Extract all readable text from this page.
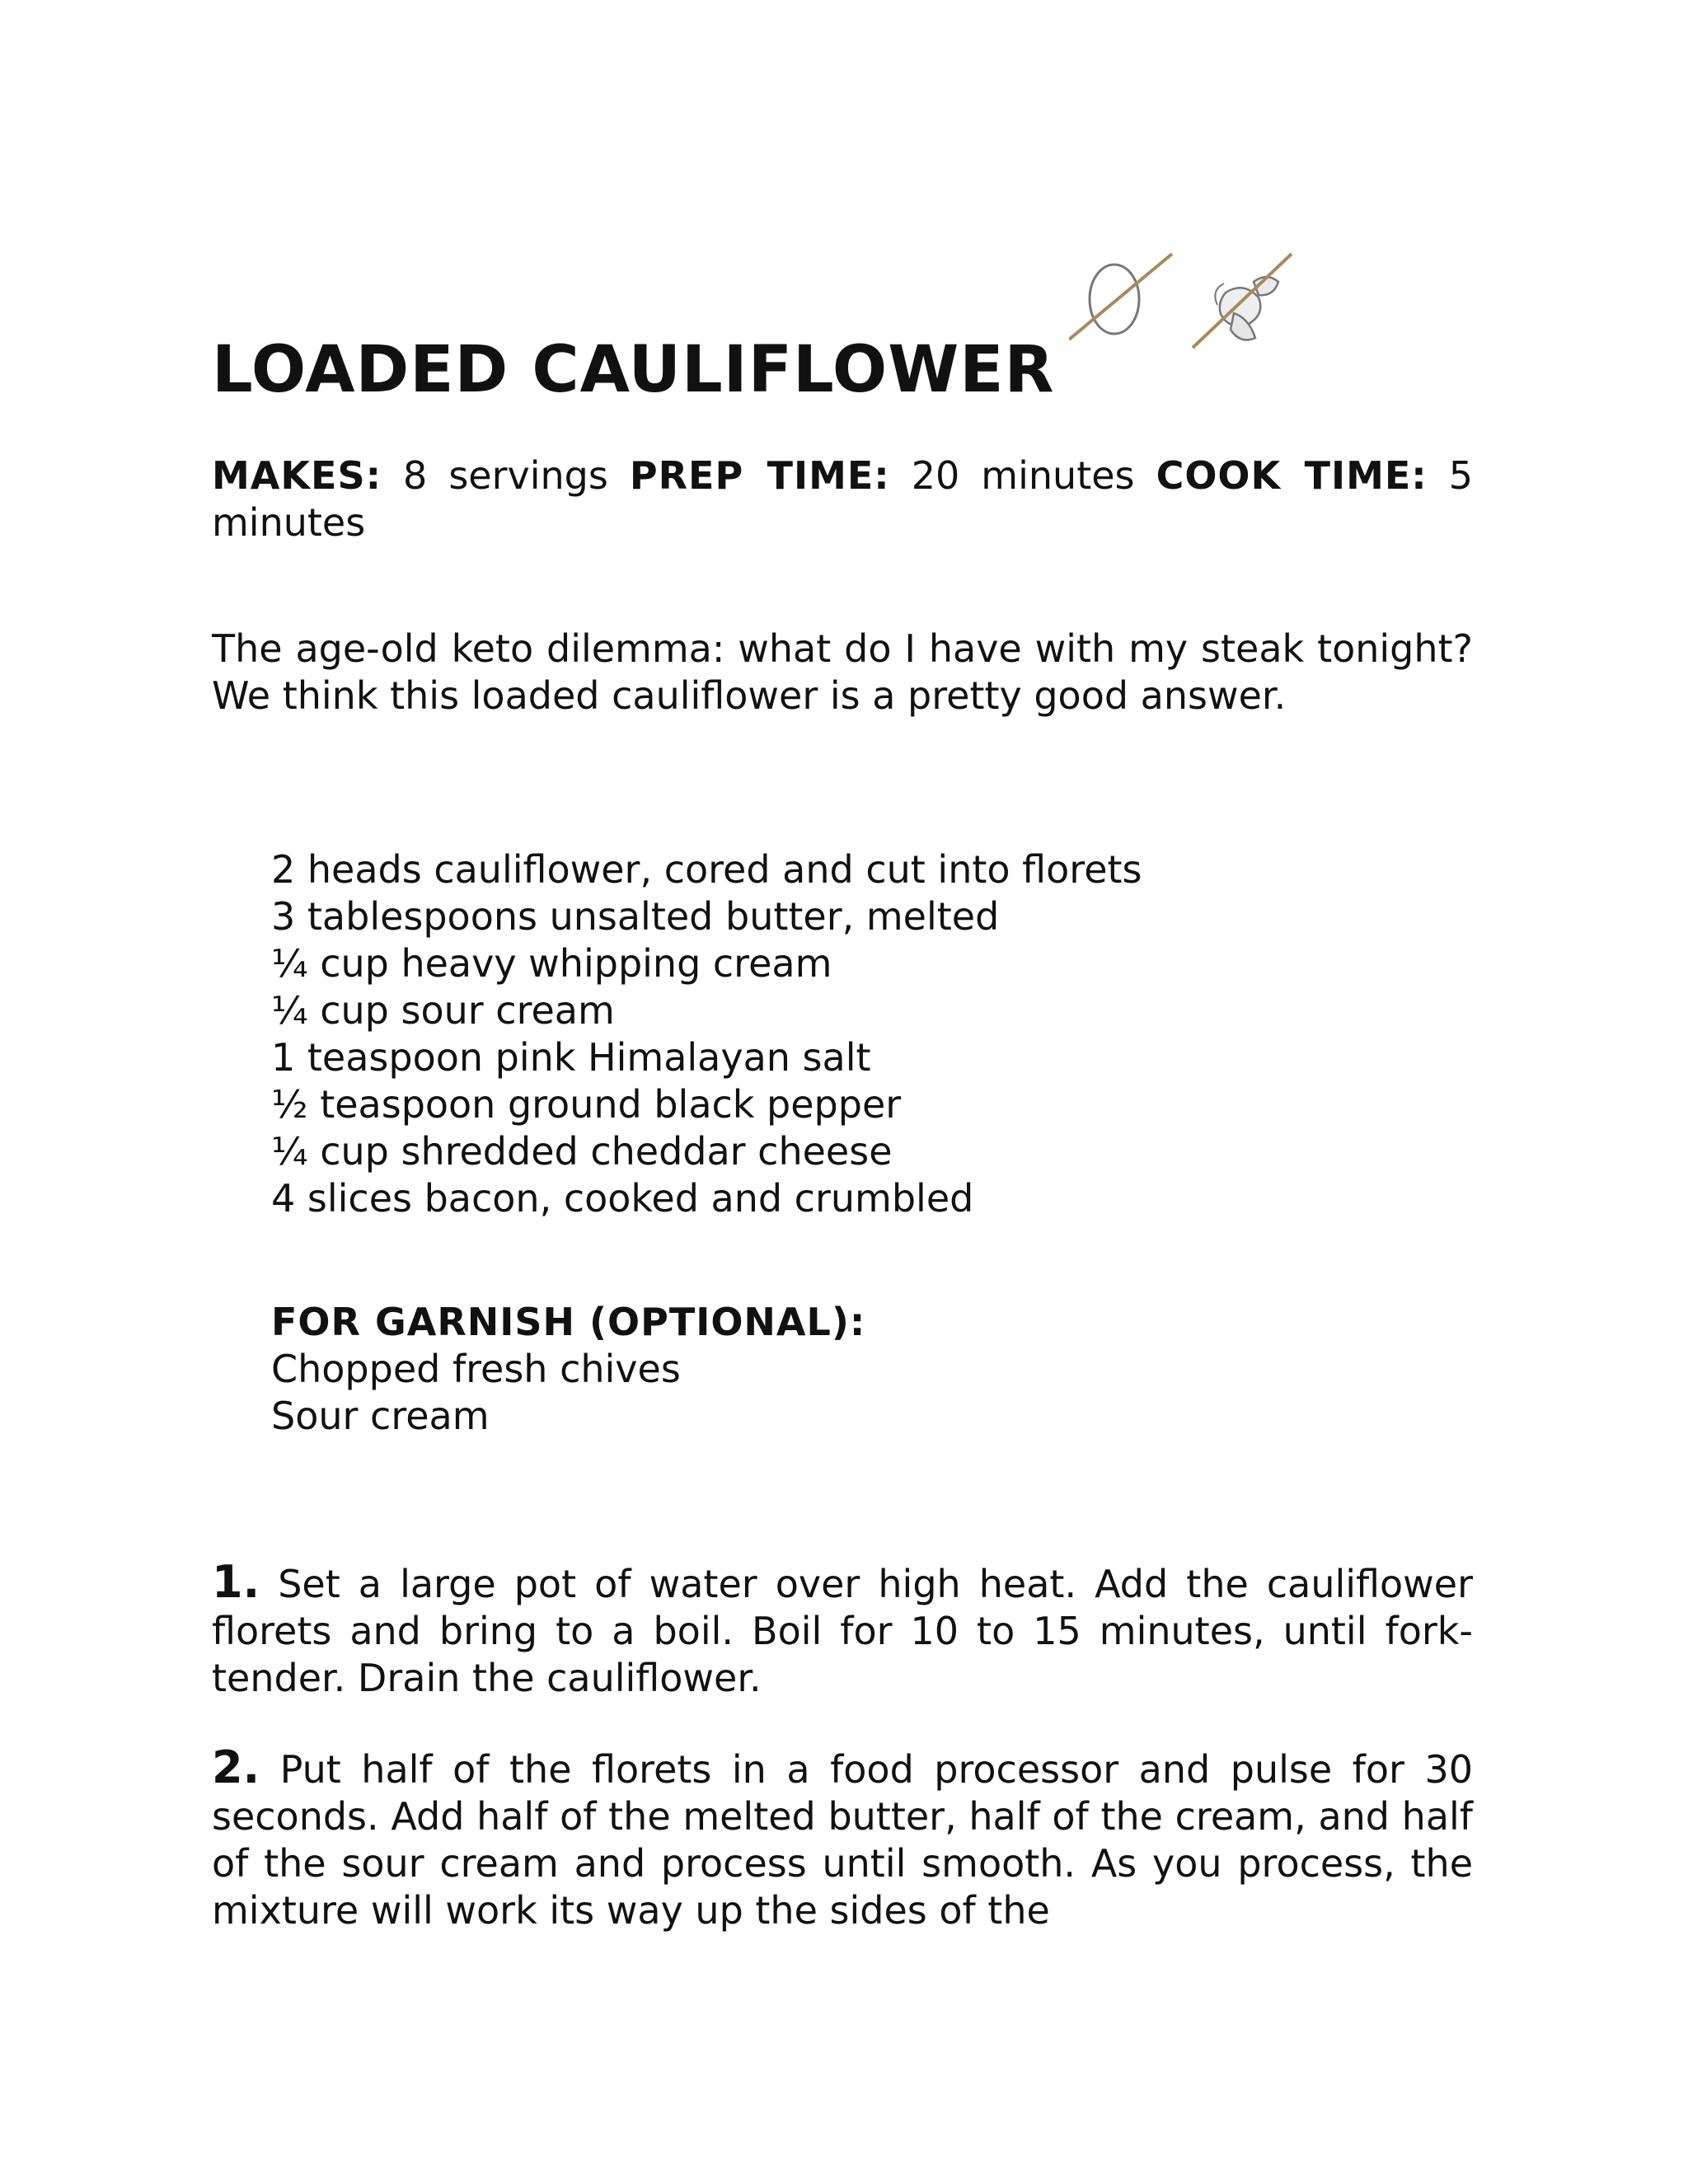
LOADED CAULIFLOWER

MAKES: 8 servings PREP TIME: 20 minutes COOK TIME: 5 minutes

The age-old keto dilemma: what do I have with my steak tonight? We think this loaded cauliflower is a pretty good answer.

2 heads cauliflower, cored and cut into florets
3 tablespoons unsalted butter, melted
¼ cup heavy whipping cream
¼ cup sour cream
1 teaspoon pink Himalayan salt
½ teaspoon ground black pepper
¼ cup shredded cheddar cheese
4 slices bacon, cooked and crumbled
FOR GARNISH (OPTIONAL):
Chopped fresh chives
Sour cream

1. Set a large pot of water over high heat. Add the cauliflower florets and bring to a boil. Boil for 10 to 15 minutes, until fork-tender. Drain the cauliflower.

2. Put half of the florets in a food processor and pulse for 30 seconds. Add half of the melted butter, half of the cream, and half of the sour cream and process until smooth. As you process, the mixture will work its way up the sides of the
